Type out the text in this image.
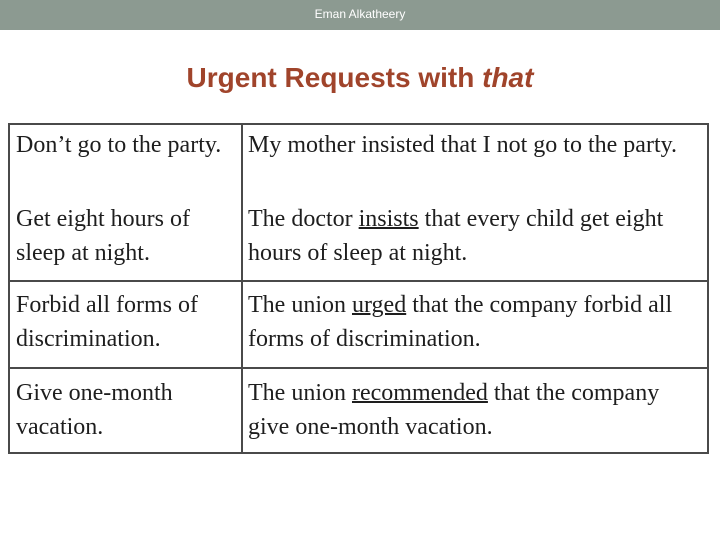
Eman Alkatheery
Urgent Requests with that
Don’t go to the party.	My mother insisted that I not go to the party.
Get eight hours of sleep at night.
The doctor insists that every child get eight hours of sleep at night.
Forbid all forms of discrimination.
The union urged that the company forbid all forms of discrimination.
Give one-month vacation.
The union recommended that the company give one-month vacation.
